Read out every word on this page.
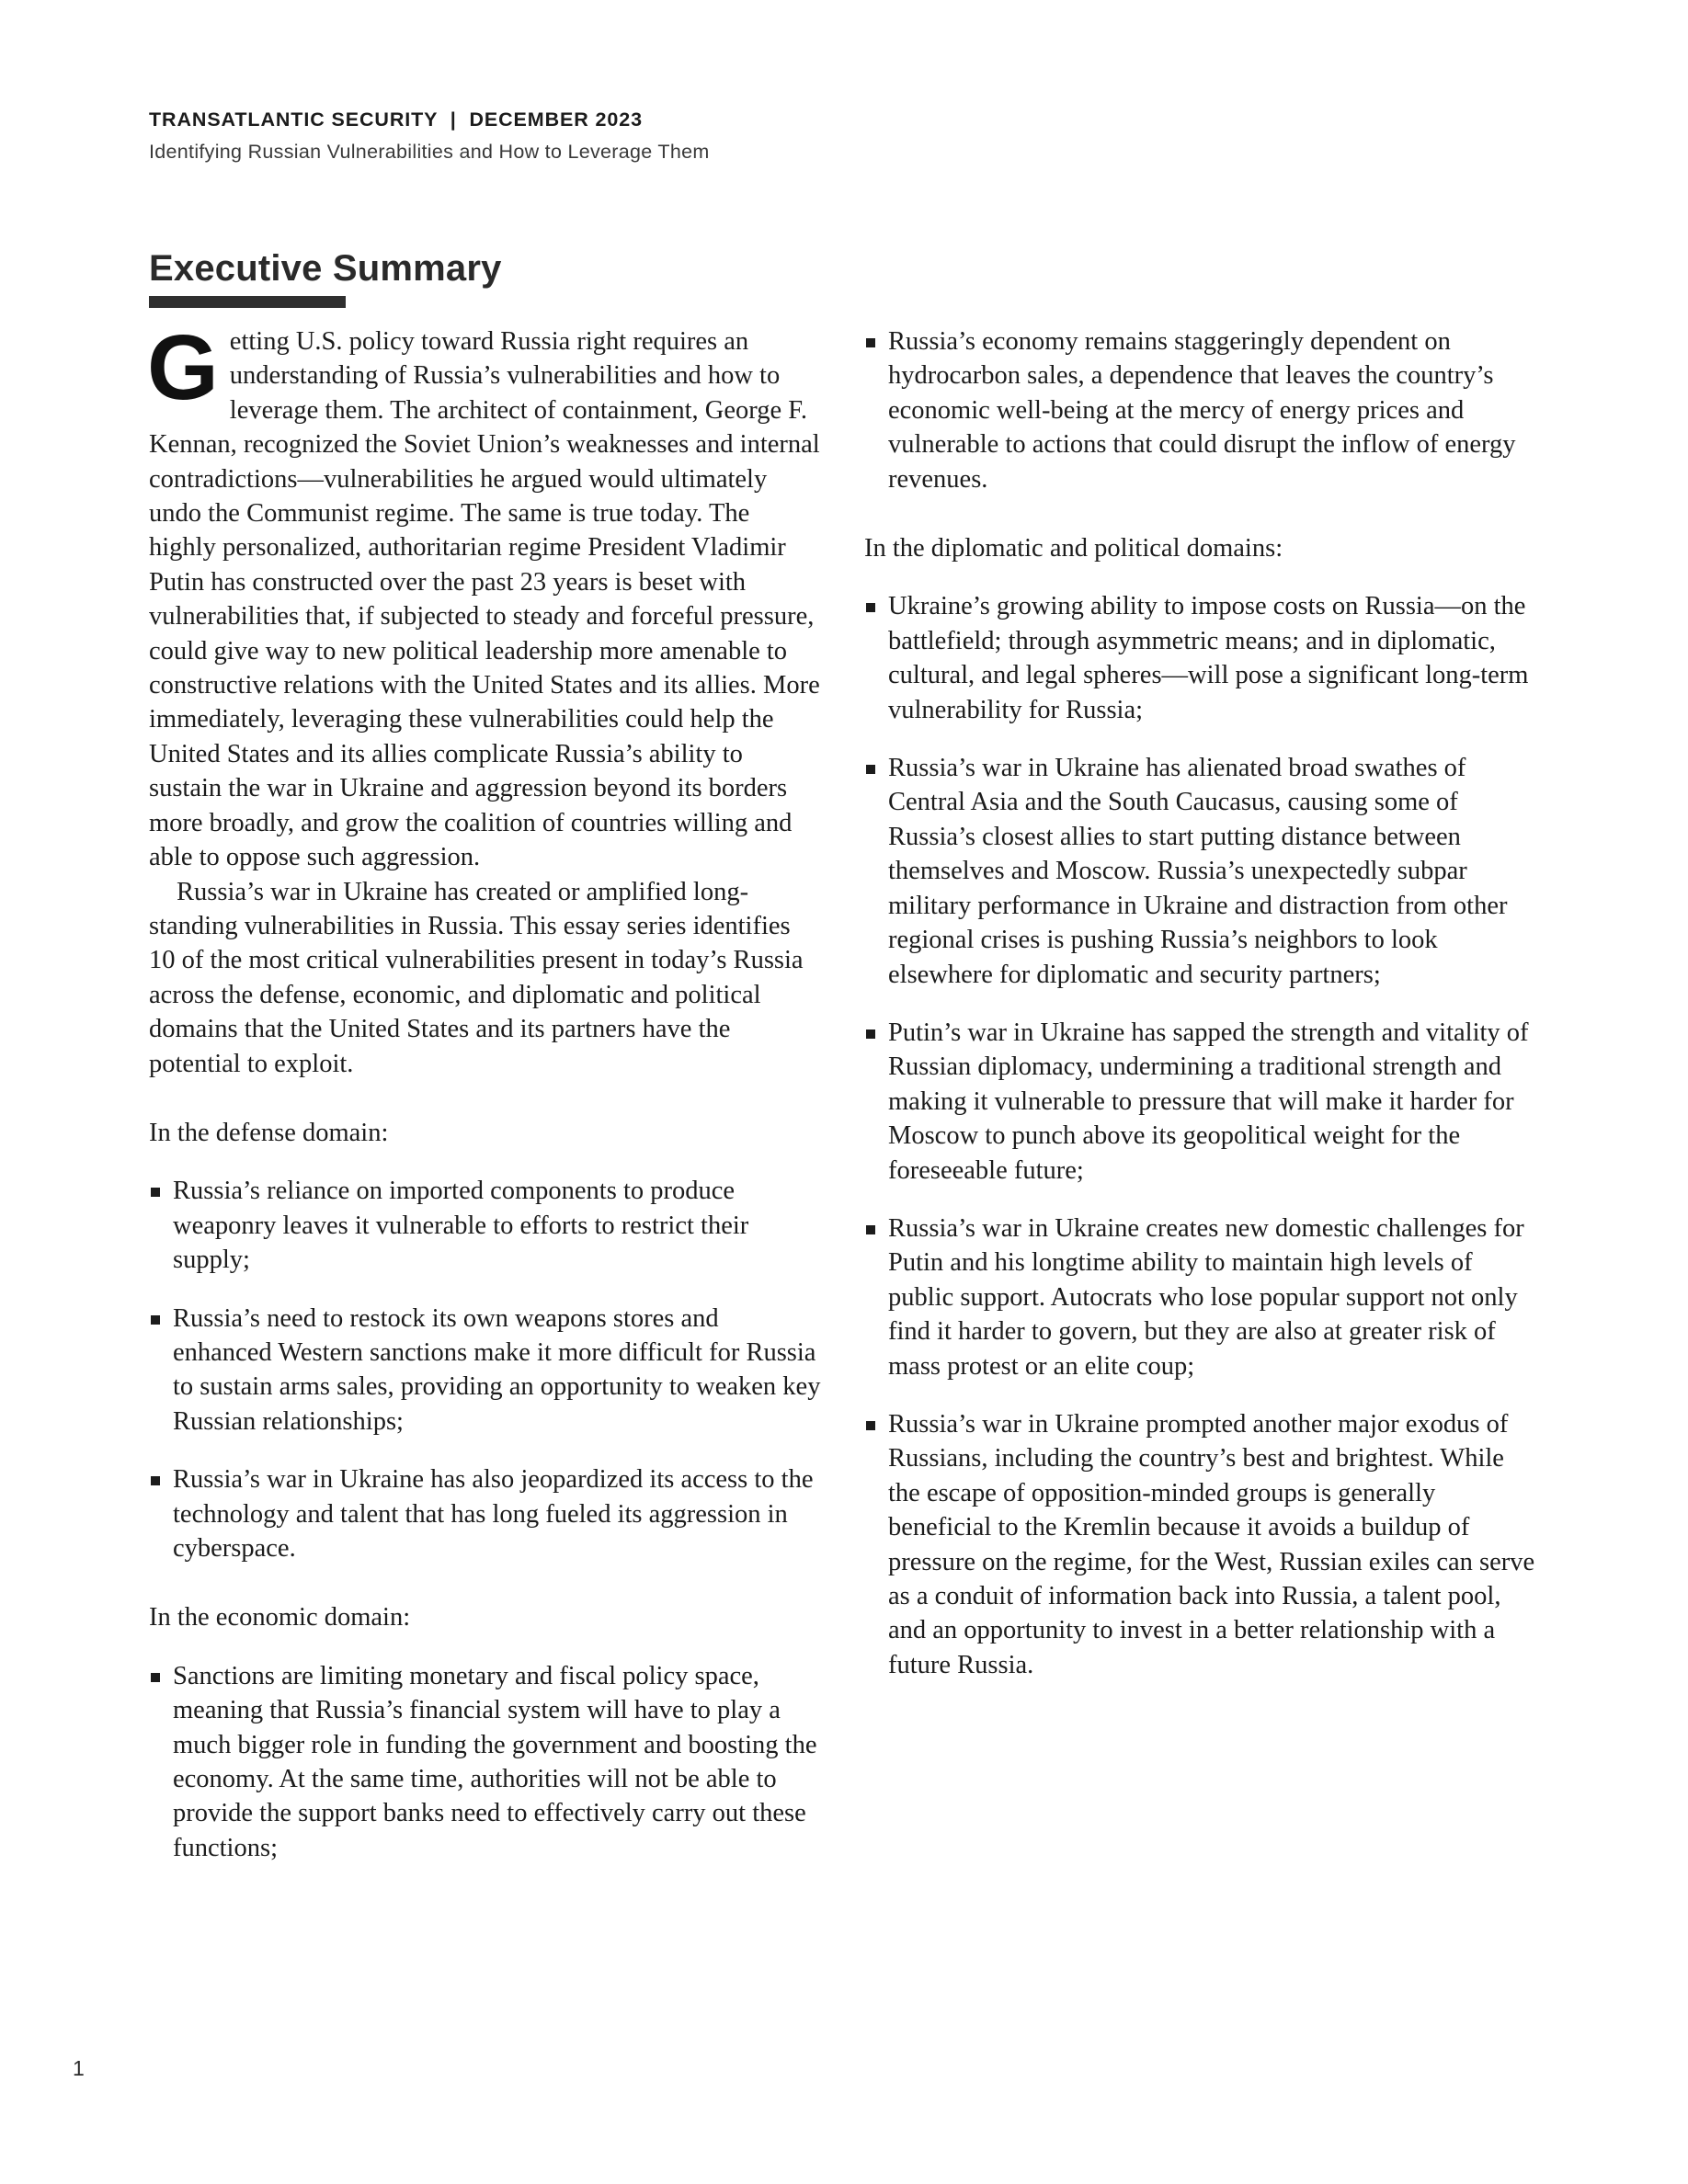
TRANSATLANTIC SECURITY  |  DECEMBER 2023

Identifying Russian Vulnerabilities and How to Leverage Them

Executive Summary

Getting U.S. policy toward Russia right requires an understanding of Russia’s vulnerabilities and how to leverage them. The architect of containment, George F. Kennan, recognized the Soviet Union’s weaknesses and internal contradictions—vulnerabilities he argued would ultimately undo the Communist regime. The same is true today. The highly personalized, authoritarian regime President Vladimir Putin has constructed over the past 23 years is beset with vulnerabilities that, if subjected to steady and forceful pressure, could give way to new political leadership more amenable to constructive relations with the United States and its allies. More immediately, leveraging these vulnerabilities could help the United States and its allies complicate Russia’s ability to sustain the war in Ukraine and aggression beyond its borders more broadly, and grow the coalition of countries willing and able to oppose such aggression.

Russia’s war in Ukraine has created or amplified long-standing vulnerabilities in Russia. This essay series identifies 10 of the most critical vulnerabilities present in today’s Russia across the defense, economic, and diplomatic and political domains that the United States and its partners have the potential to exploit.

In the defense domain:

Russia’s reliance on imported components to produce weaponry leaves it vulnerable to efforts to restrict their supply;
Russia’s need to restock its own weapons stores and enhanced Western sanctions make it more difficult for Russia to sustain arms sales, providing an opportunity to weaken key Russian relationships;
Russia’s war in Ukraine has also jeopardized its access to the technology and talent that has long fueled its aggression in cyberspace.

In the economic domain:

Sanctions are limiting monetary and fiscal policy space, meaning that Russia’s financial system will have to play a much bigger role in funding the government and boosting the economy. At the same time, authorities will not be able to provide the support banks need to effectively carry out these functions;
Russia’s economy remains staggeringly dependent on hydrocarbon sales, a dependence that leaves the country’s economic well-being at the mercy of energy prices and vulnerable to actions that could disrupt the inflow of energy revenues.

In the diplomatic and political domains:

Ukraine’s growing ability to impose costs on Russia—on the battlefield; through asymmetric means; and in diplomatic, cultural, and legal spheres—will pose a significant long-term vulnerability for Russia;
Russia’s war in Ukraine has alienated broad swathes of Central Asia and the South Caucasus, causing some of Russia’s closest allies to start putting distance between themselves and Moscow. Russia’s unexpectedly subpar military performance in Ukraine and distraction from other regional crises is pushing Russia’s neighbors to look elsewhere for diplomatic and security partners;
Putin’s war in Ukraine has sapped the strength and vitality of Russian diplomacy, undermining a traditional strength and making it vulnerable to pressure that will make it harder for Moscow to punch above its geopolitical weight for the foreseeable future;
Russia’s war in Ukraine creates new domestic challenges for Putin and his longtime ability to maintain high levels of public support. Autocrats who lose popular support not only find it harder to govern, but they are also at greater risk of mass protest or an elite coup;
Russia’s war in Ukraine prompted another major exodus of Russians, including the country’s best and brightest. While the escape of opposition-minded groups is generally beneficial to the Kremlin because it avoids a buildup of pressure on the regime, for the West, Russian exiles can serve as a conduit of information back into Russia, a talent pool, and an opportunity to invest in a better relationship with a future Russia.

1
